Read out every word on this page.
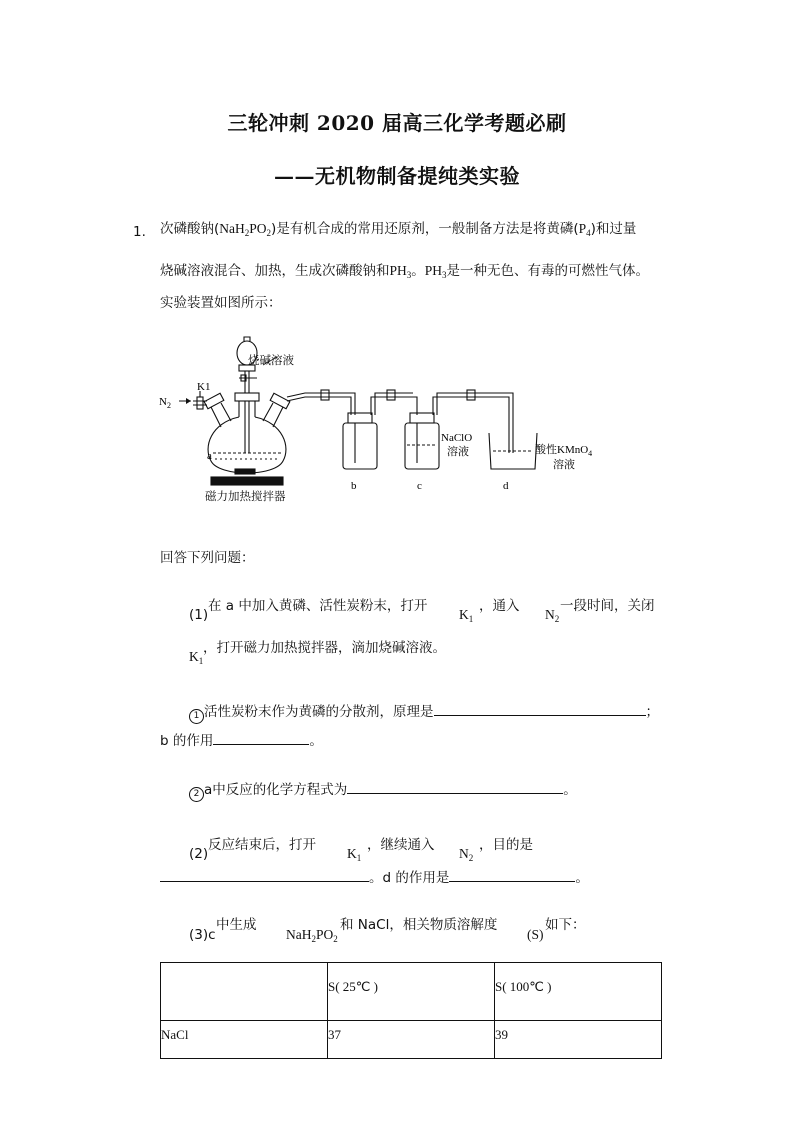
三轮冲刺 2020 届高三化学考题必刷
——无机物制备提纯类实验
1. 次磷酸钠$(NaH_2PO_2)$是有机合成的常用还原剂，一般制备方法是将黄磷$(P_4)$和过量
烧碱溶液混合、加热，生成次磷酸钠和$PH_3$。$PH_3$是一种无色、有毒的可燃性气体。
实验装置如图所示：
K1
$N_2$
a
b	c	d
NaClO
溶液	酸性KMnO$_4$
溶液
烧碱溶液
磁力加热搅拌器
回答下列问题：
(1)
在 a 中加入黄磷、活性炭粉末，打开
$K_1$
，通入
$N_2$
一段时间，关闭
$K_1$
，打开磁力加热搅拌器，滴加烧碱溶液。
1 活性炭粉末作为黄磷的分散剂，原理是	；
b 的作用	。
2 a中反应的化学方程式为	。
(2)
反应结束后，打开
$K_1$
，继续通入
$N_2$
，目的是
。d 的作用是	。
(3)c
中生成
$NaH_2PO_2$
和 NaCl，相关物质溶解度
(S)
如下：
	S( 25℃ )	S( 100℃ )
NaCl	37	39
